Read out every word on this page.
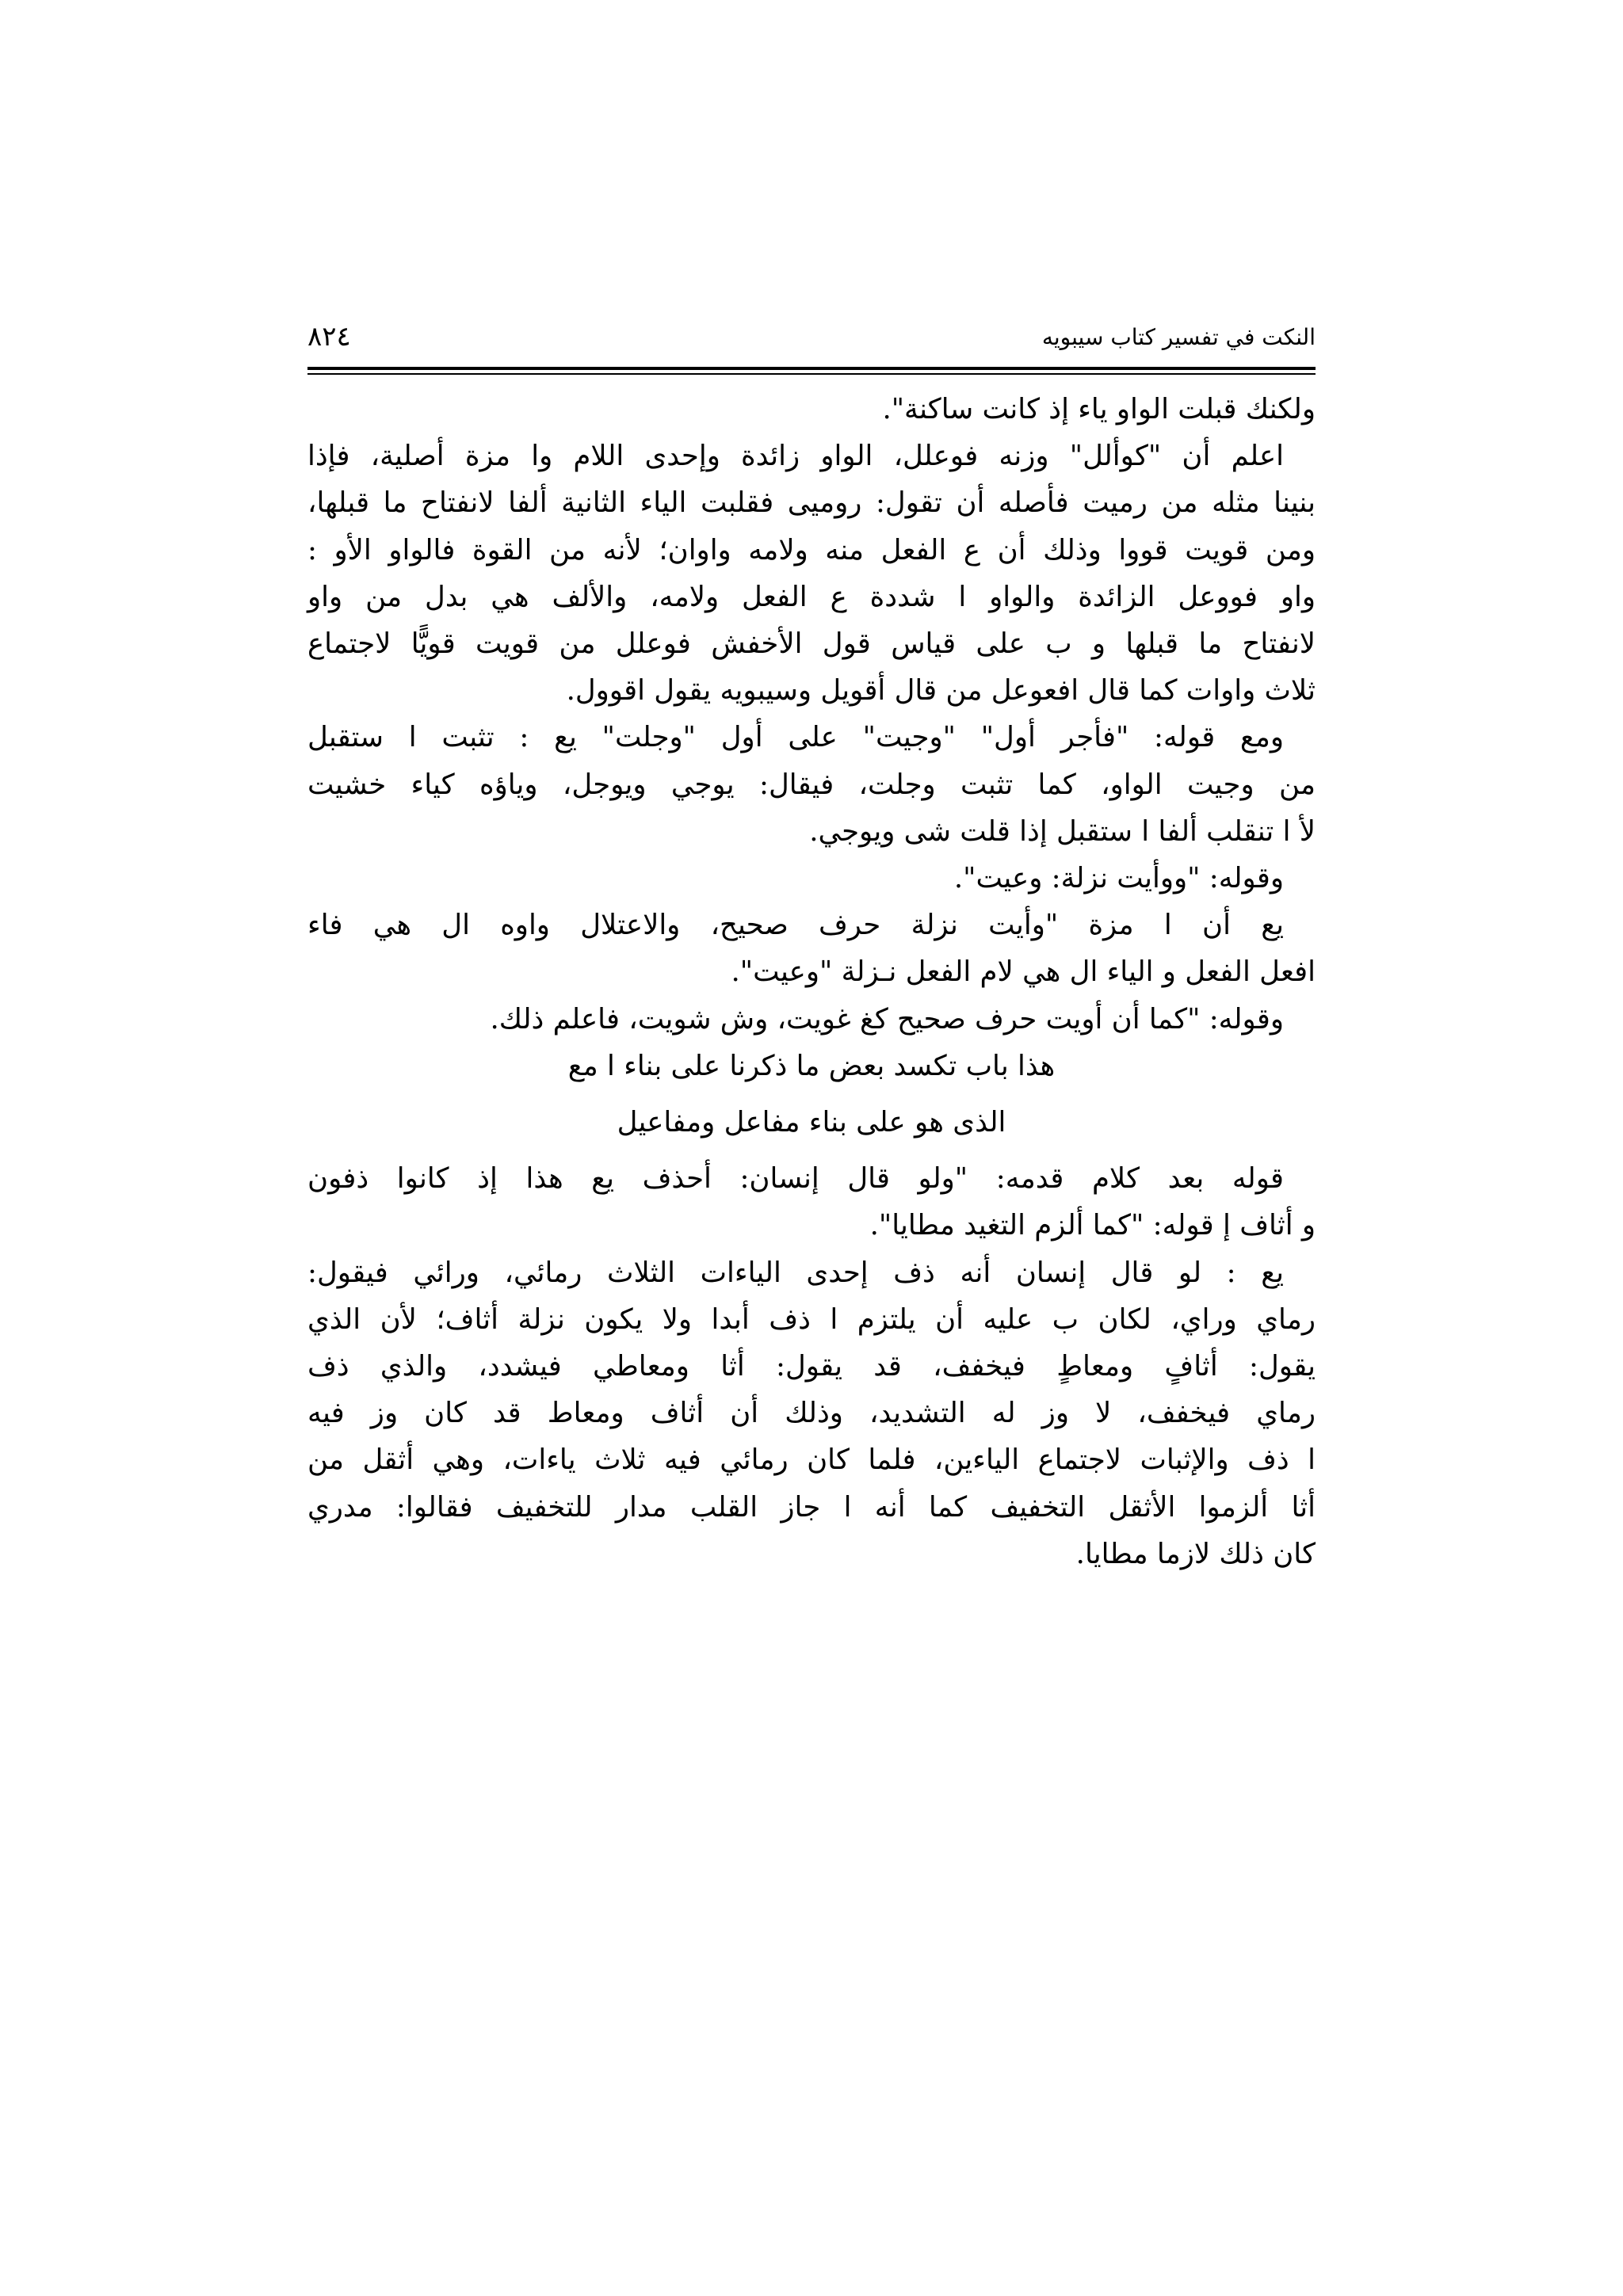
النكت في تفسير كتاب سيبويه
٨٢٤
ولكنك قبلت الواو ياء إذ كانت ساكنة".
اعلم أن "كوألل" وزنه فوعلل، الواو زائدة وإحدى اللام وا مزة أصلية، فإذا
بنينا مثله من رميت فأصله أن تقول: روميى فقلبت الياء الثانية ألفا لانفتاح ما قبلها،
ومن قويت قووا وذلك أن ع الفعل منه ولامه واوان؛ لأنه من القوة فالواو الأو :
واو فووعل الزائدة والواو ا شددة ع الفعل ولامه، والألف هي بدل من واو
لانفتاح ما قبلها و ب على قياس قول الأخفش فوعلل من قويت قويًّا لاجتماع
ثلاث واوات كما قال افعوعل من قال أقويل وسيبويه يقول اقوول.
ومع قوله: "فأجر أول" "وجيت" على أول "وجلت" يع : تثبت ا ستقبل
من وجيت الواو، كما تثبت وجلت، فيقال: يوجي ويوجل، وياؤه كياء خشيت
لأ ا تنقلب ألفا ا ستقبل إذا قلت شى ويوجي.
وقوله: "ووأيت نزلة: وعيت".
يع أن ا مزة "وأيت نزلة حرف صحيح، والاعتلال واوه ال هي فاء
افعل الفعل و الياء ال هي لام الفعل نـزلة "وعيت".
وقوله: "كما أن أويت حرف صحيح كغ غويت، وش شويت، فاعلم ذلك.
هذا باب تكسد بعض ما ذكرنا على بناء ا مع
الذى هو على بناء مفاعل ومفاعيل
قوله بعد كلام قدمه: "ولو قال إنسان: أحذف يع هذا إذ كانوا ذفون
و أثاف إ قوله: "كما ألزم التغيد مطايا".
يع : لو قال إنسان أنه ذف إحدى الياءات الثلاث رمائي، ورائي فيقول:
رماي وراي، لكان ب عليه أن يلتزم ا ذف أبدا ولا يكون نزلة أثاف؛ لأن الذي
يقول: أثافٍ ومعاطٍ فيخفف، قد يقول: أثا ومعاطي فيشدد، والذي ذف
رماي فيخفف، لا وز له التشديد، وذلك أن أثاف ومعاط قد كان وز فيه
ا ذف والإثبات لاجتماع الياءين، فلما كان رمائي فيه ثلاث ياءات، وهي أثقل من
أثا ألزموا الأثقل التخفيف كما أنه ا جاز القلب مدار للتخفيف فقالوا: مدري
كان ذلك لازما مطايا.
